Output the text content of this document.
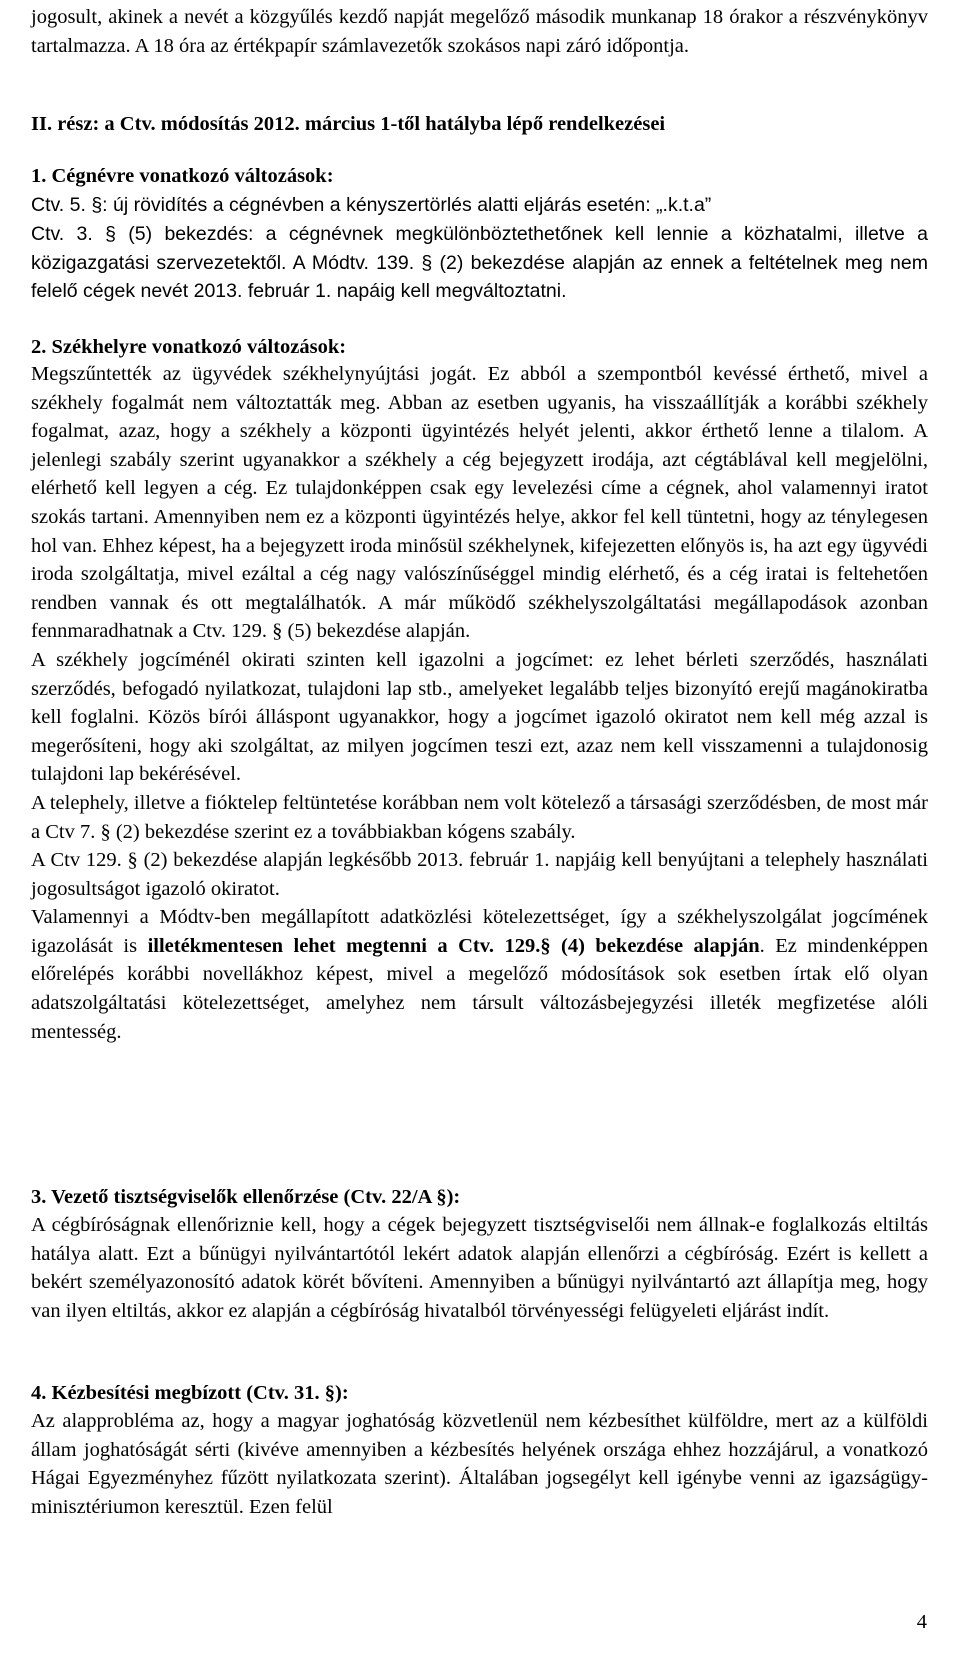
jogosult, akinek a nevét a közgyűlés kezdő napját megelőző második munkanap 18 órakor a részvénykönyv tartalmazza. A 18 óra az értékpapír számlavezetők szokásos napi záró időpontja.
II. rész: a Ctv. módosítás 2012. március 1-től hatályba lépő rendelkezései
1. Cégnévre vonatkozó változások:
Ctv. 5. §: új rövidítés a cégnévben a kényszertörlés alatti eljárás esetén: „.k.t.a”
Ctv. 3. § (5) bekezdés: a cégnévnek megkülönböztethetőnek kell lennie a közhatalmi, illetve a közigazgatási szervezetektől. A Módtv. 139. § (2) bekezdése alapján az ennek a feltételnek meg nem felelő cégek nevét 2013. február 1. napáig kell megváltoztatni.
2. Székhelyre vonatkozó változások:

Megszűntették az ügyvédek székhelynyújtási jogát. Ez abból a szempontból kevéssé érthető, mivel a székhely fogalmát nem változtatták meg. Abban az esetben ugyanis, ha visszaállítják a korábbi székhely fogalmat, azaz, hogy a székhely a központi ügyintézés helyét jelenti, akkor érthető lenne a tilalom. A jelenlegi szabály szerint ugyanakkor a székhely a cég bejegyzett irodája, azt cégtáblával kell megjelölni, elérhető kell legyen a cég. Ez tulajdonképpen csak egy levelezési címe a cégnek, ahol valamennyi iratot szokás tartani. Amennyiben nem ez a központi ügyintézés helye, akkor fel kell tüntetni, hogy az ténylegesen hol van. Ehhez képest, ha a bejegyzett iroda minősül székhelynek, kifejezetten előnyös is, ha azt egy ügyvédi iroda szolgáltatja, mivel ezáltal a cég nagy valószínűséggel mindig elérhető, és a cég iratai is feltehetően rendben vannak és ott megtalálhatók. A már működő székhelyszolgáltatási megállapodások azonban fennmaradhatnak a Ctv. 129. § (5) bekezdése alapján.

A székhely jogcíménél okirati szinten kell igazolni a jogcímet: ez lehet bérleti szerződés, használati szerződés, befogadó nyilatkozat, tulajdoni lap stb., amelyeket legalább teljes bizonyító erejű magánokiratba kell foglalni. Közös bírói álláspont ugyanakkor, hogy a jogcímet igazoló okiratot nem kell még azzal is megerősíteni, hogy aki szolgáltat, az milyen jogcímen teszi ezt, azaz nem kell visszamenni a tulajdonosig tulajdoni lap bekérésével.

A telephely, illetve a fióktelep feltüntetése korábban nem volt kötelező a társasági szerződésben, de most már a Ctv 7. § (2) bekezdése szerint ez a továbbiakban kógens szabály.

A Ctv 129. § (2) bekezdése alapján legkésőbb 2013. február 1. napjáig kell benyújtani a telephely használati jogosultságot igazoló okiratot.

Valamennyi a Módtv-ben megállapított adatközlési kötelezettséget, így a székhelyszolgálat jogcímének igazolását is illetékmentesen lehet megtenni a Ctv. 129.§ (4) bekezdése alapján. Ez mindenképpen előrelépés korábbi novellákhoz képest, mivel a megelőző módosítások sok esetben írtak elő olyan adatszolgáltatási kötelezettséget, amelyhez nem társult változásbejegyzési illeték megfizetése alóli mentesség.

3. Vezető tisztségviselők ellenőrzése (Ctv. 22/A §):
A cégbíróságnak ellenőriznie kell, hogy a cégek bejegyzett tisztségviselői nem állnak-e foglalkozás eltiltás hatálya alatt. Ezt a bűnügyi nyilvántartótól lekért adatok alapján ellenőrzi a cégbíróság. Ezért is kellett a bekért személyazonosító adatok körét bővíteni. Amennyiben a bűnügyi nyilvántartó azt állapítja meg, hogy van ilyen eltiltás, akkor ez alapján a cégbíróság hivatalból törvényességi felügyeleti eljárást indít.
4. Kézbesítési megbízott (Ctv. 31. §):
Az alapprobléma az, hogy a magyar joghatóság közvetlenül nem kézbesíthet külföldre, mert az a külföldi állam joghatóságát sérti (kivéve amennyiben a kézbesítés helyének országa ehhez hozzájárul, a vonatkozó Hágai Egyezményhez fűzött nyilatkozata szerint). Általában jogsegélyt kell igénybe venni az igazságügy-minisztériumon keresztül. Ezen felül
4
